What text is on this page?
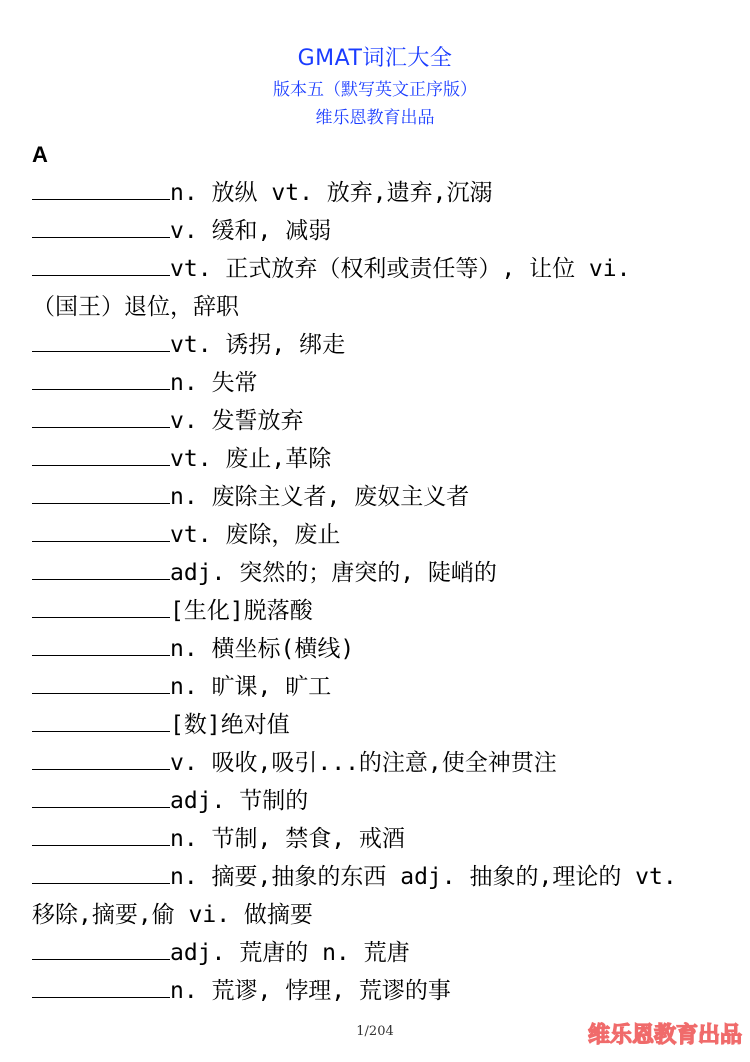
GMAT词汇大全
版本五（默写英文正序版）
维乐恩教育出品
A
n. 放纵 vt. 放弃,遗弃,沉溺
v. 缓和, 减弱
vt. 正式放弃（权利或责任等）, 让位 vi.
（国王）退位，辞职
vt. 诱拐, 绑走
n. 失常
v. 发誓放弃
vt. 废止,革除
n. 废除主义者, 废奴主义者
vt. 废除，废止
adj. 突然的；唐突的, 陡峭的
[生化]脱落酸
n. 横坐标(横线)
n. 旷课, 旷工
[数]绝对值
v. 吸收,吸引...的注意,使全神贯注
adj. 节制的
n. 节制, 禁食, 戒酒
n. 摘要,抽象的东西 adj. 抽象的,理论的 vt.
移除,摘要,偷 vi. 做摘要
adj. 荒唐的 n. 荒唐
n. 荒谬, 悖理, 荒谬的事
1/204	维乐恩教育出品
